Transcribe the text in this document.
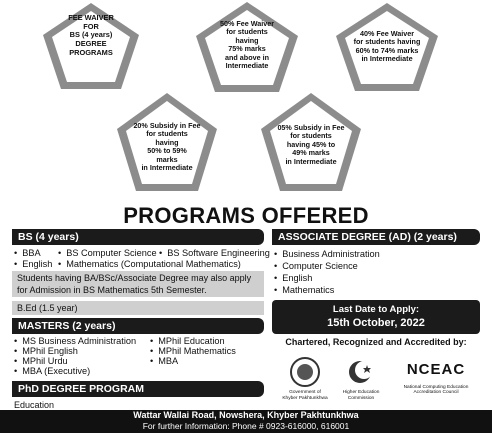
FEE WAIVER
FOR
BS (4 years)
DEGREE
PROGRAMS
50% Fee Waiver
for students
having
75% marks
and above in
Intermediate
40% Fee Waiver
for students having
60% to 74% marks
in Intermediate
20% Subsidy in Fee
for students
having
50% to 59%
marks
in Intermediate
05% Subsidy in Fee
for students
having 45% to
49% marks
in Intermediate
PROGRAMS OFFERED
BS (4 years)
• BBA	• BS Computer Science	• BS Software Engineering
• English	• Mathematics (Computational Mathematics)
Students having BA/BSc/Associate Degree may also apply for Admission in BS Mathematics 5th Semester.
B.Ed (1.5 year)
MASTERS (2 years)
• MS Business Administration
• MPhil English
• MPhil Urdu
• MBA (Executive)
• MPhil Education
• MPhil Mathematics
• MBA
PhD DEGREE PROGRAM
Education
ASSOCIATE DEGREE (AD) (2 years)
• Business Administration
• Computer Science
• English
• Mathematics
Last Date to Apply:
15th October, 2022
Chartered, Recognized and Accredited by:
Government of Khyber Pakhtunkhwa
Higher Education Commission
NCEAC
National Computing Education Accreditation Council
Wattar Wallai Road, Nowshera, Khyber Pakhtunkhwa
For further Information: Phone # 0923-616000, 616001
